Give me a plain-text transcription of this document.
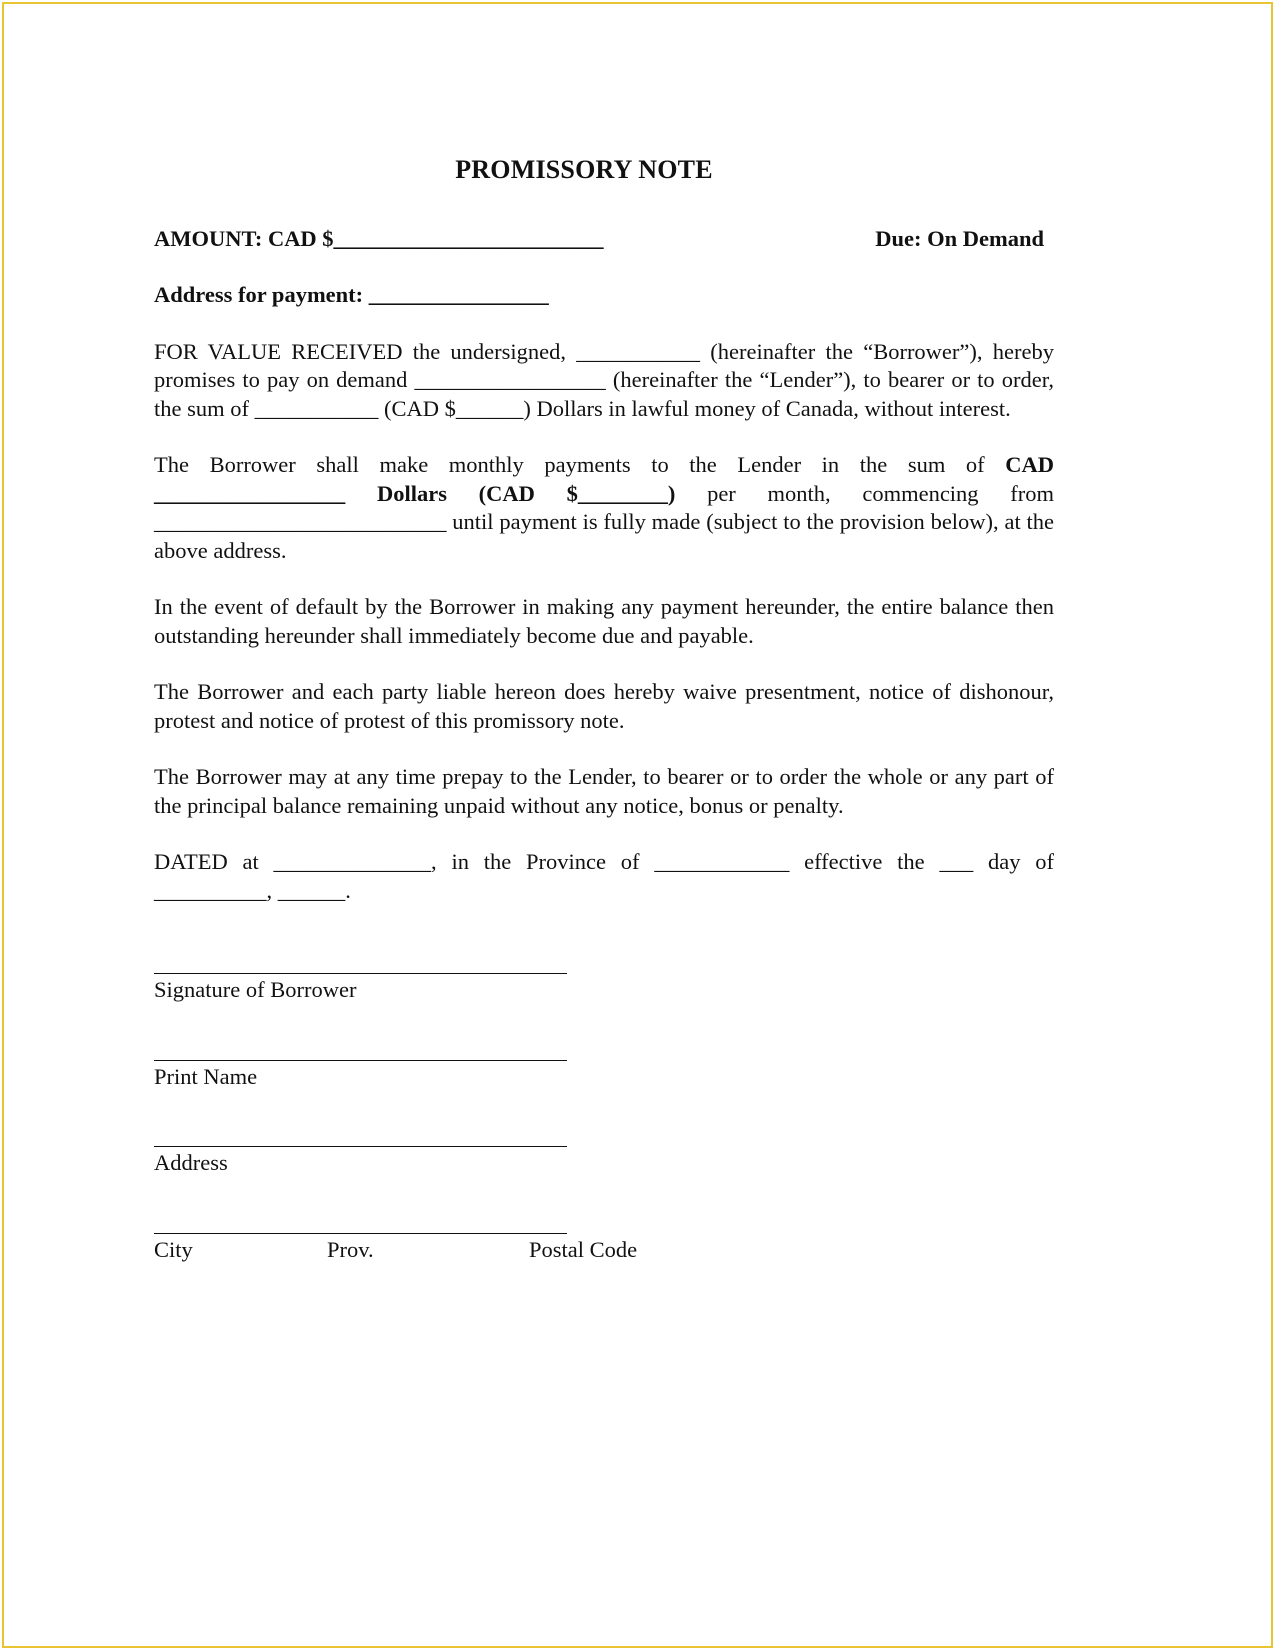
PROMISSORY NOTE
AMOUNT: CAD $________________________	Due: On Demand
Address for payment: ________________

FOR VALUE RECEIVED the undersigned, ___________ (hereinafter the “Borrower”), hereby promises to pay on demand _________________ (hereinafter the “Lender”), to bearer or to order, the sum of ___________ (CAD $______) Dollars in lawful money of Canada, without interest.

The Borrower shall make monthly payments to the Lender in the sum of CAD _________________ Dollars (CAD $________) per month, commencing from __________________________ until payment is fully made (subject to the provision below), at the above address.

In the event of default by the Borrower in making any payment hereunder, the entire balance then outstanding hereunder shall immediately become due and payable.

The Borrower and each party liable hereon does hereby waive presentment, notice of dishonour, protest and notice of protest of this promissory note.

The Borrower may at any time prepay to the Lender, to bearer or to order the whole or any part of the principal balance remaining unpaid without any notice, bonus or penalty.

DATED at ______________, in the Province of ____________ effective the ___ day of __________, ______.

Signature of Borrower
Print Name
Address
City	Prov.	Postal Code
